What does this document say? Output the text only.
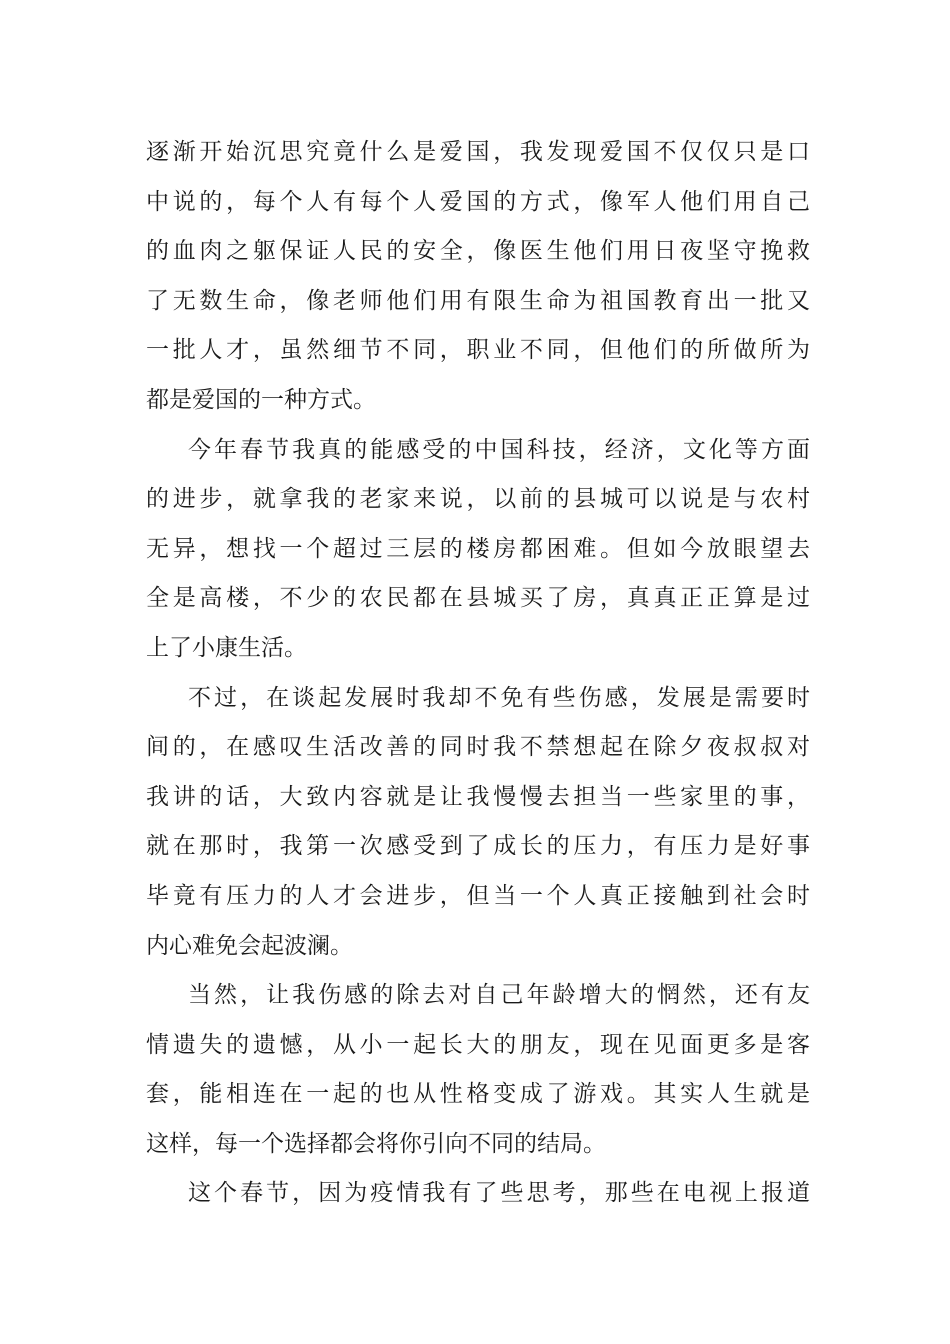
逐渐开始沉思究竟什么是爱国，我发现爱国不仅仅只是口
中说的，每个人有每个人爱国的方式，像军人他们用自己
的血肉之躯保证人民的安全，像医生他们用日夜坚守挽救
了无数生命，像老师他们用有限生命为祖国教育出一批又
一批人才，虽然细节不同，职业不同，但他们的所做所为
都是爱国的一种方式。
今年春节我真的能感受的中国科技，经济，文化等方面
的进步，就拿我的老家来说，以前的县城可以说是与农村
无异，想找一个超过三层的楼房都困难。但如今放眼望去
全是高楼，不少的农民都在县城买了房，真真正正算是过
上了小康生活。
不过，在谈起发展时我却不免有些伤感，发展是需要时
间的，在感叹生活改善的同时我不禁想起在除夕夜叔叔对
我讲的话，大致内容就是让我慢慢去担当一些家里的事，
就在那时，我第一次感受到了成长的压力，有压力是好事
毕竟有压力的人才会进步，但当一个人真正接触到社会时
内心难免会起波澜。
当然，让我伤感的除去对自己年龄增大的惘然，还有友
情遗失的遗憾，从小一起长大的朋友，现在见面更多是客
套，能相连在一起的也从性格变成了游戏。其实人生就是
这样，每一个选择都会将你引向不同的结局。
这个春节，因为疫情我有了些思考，那些在电视上报道
